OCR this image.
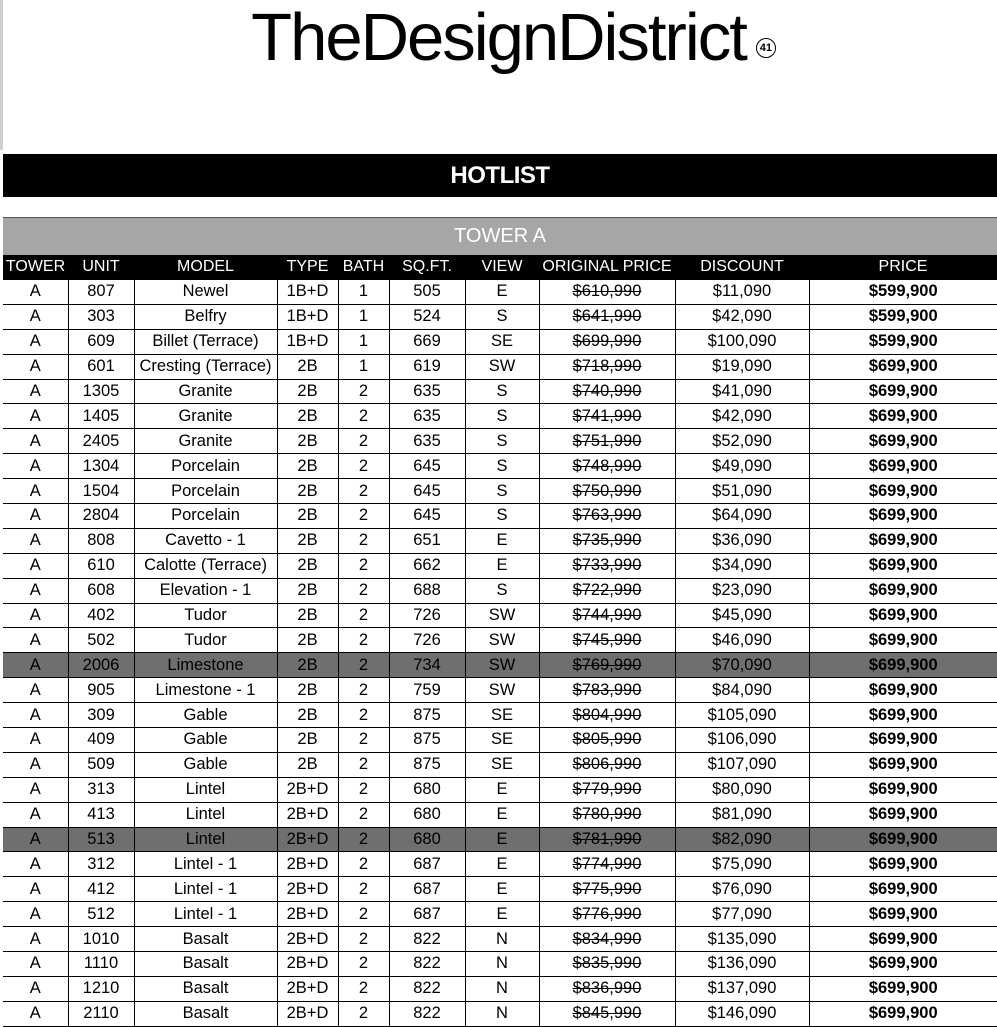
TheDesignDistrict	41
HOTLIST
TOWER A									
TOWER	UNIT	MODEL	TYPE	BATH	SQ.FT.	VIEW	ORIGINAL PRICE	DISCOUNT	PRICE
A	807	Newel	1B+D	1	505	E	$610,990	$11,090	$599,900
A	303	Belfry	1B+D	1	524	S	$641,990	$42,090	$599,900
A	609	Billet (Terrace)	1B+D	1	669	SE	$699,990	$100,090	$599,900
A	601	Cresting (Terrace)	2B	1	619	SW	$718,990	$19,090	$699,900
A	1305	Granite	2B	2	635	S	$740,990	$41,090	$699,900
A	1405	Granite	2B	2	635	S	$741,990	$42,090	$699,900
A	2405	Granite	2B	2	635	S	$751,990	$52,090	$699,900
A	1304	Porcelain	2B	2	645	S	$748,990	$49,090	$699,900
A	1504	Porcelain	2B	2	645	S	$750,990	$51,090	$699,900
A	2804	Porcelain	2B	2	645	S	$763,990	$64,090	$699,900
A	808	Cavetto - 1	2B	2	651	E	$735,990	$36,090	$699,900
A	610	Calotte (Terrace)	2B	2	662	E	$733,990	$34,090	$699,900
A	608	Elevation - 1	2B	2	688	S	$722,990	$23,090	$699,900
A	402	Tudor	2B	2	726	SW	$744,990	$45,090	$699,900
A	502	Tudor	2B	2	726	SW	$745,990	$46,090	$699,900
A	2006	Limestone	2B	2	734	SW	$769,990	$70,090	$699,900
A	905	Limestone - 1	2B	2	759	SW	$783,990	$84,090	$699,900
A	309	Gable	2B	2	875	SE	$804,990	$105,090	$699,900
A	409	Gable	2B	2	875	SE	$805,990	$106,090	$699,900
A	509	Gable	2B	2	875	SE	$806,990	$107,090	$699,900
A	313	Lintel	2B+D	2	680	E	$779,990	$80,090	$699,900
A	413	Lintel	2B+D	2	680	E	$780,990	$81,090	$699,900
A	513	Lintel	2B+D	2	680	E	$781,990	$82,090	$699,900
A	312	Lintel - 1	2B+D	2	687	E	$774,990	$75,090	$699,900
A	412	Lintel - 1	2B+D	2	687	E	$775,990	$76,090	$699,900
A	512	Lintel - 1	2B+D	2	687	E	$776,990	$77,090	$699,900
A	1010	Basalt	2B+D	2	822	N	$834,990	$135,090	$699,900
A	1110	Basalt	2B+D	2	822	N	$835,990	$136,090	$699,900
A	1210	Basalt	2B+D	2	822	N	$836,990	$137,090	$699,900
A	2110	Basalt	2B+D	2	822	N	$845,990	$146,090	$699,900
